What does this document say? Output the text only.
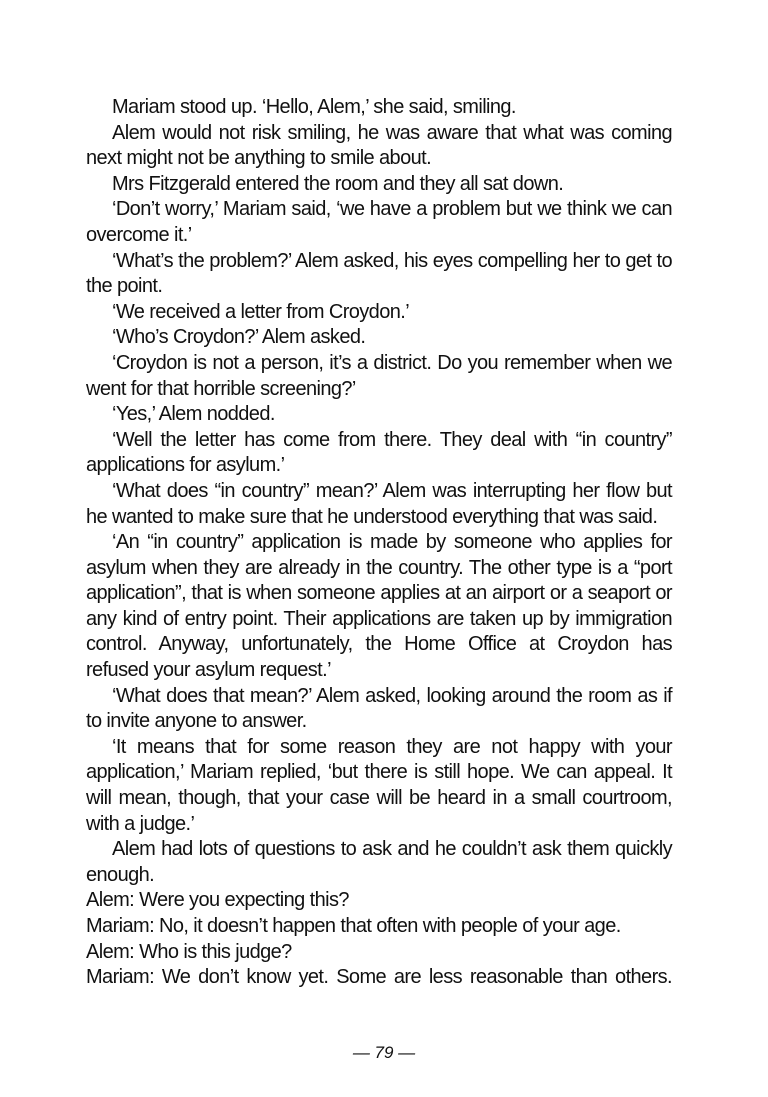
Mariam stood up. ‘Hello, Alem,’ she said, smiling.

Alem would not risk smiling, he was aware that what was coming next might not be anything to smile about.

Mrs Fitzgerald entered the room and they all sat down.

‘Don’t worry,’ Mariam said, ‘we have a problem but we think we can overcome it.’

‘What’s the problem?’ Alem asked, his eyes compelling her to get to the point.

‘We received a letter from Croydon.’

‘Who’s Croydon?’ Alem asked.

‘Croydon is not a person, it’s a district. Do you remember when we went for that horrible screening?’

‘Yes,’ Alem nodded.

‘Well the letter has come from there. They deal with “in country” applications for asylum.’

‘What does “in country” mean?’ Alem was interrupting her flow but he wanted to make sure that he understood everything that was said.

‘An “in country” application is made by someone who applies for asylum when they are already in the country. The other type is a “port application”, that is when someone applies at an airport or a seaport or any kind of entry point. Their applications are taken up by immigration control. Anyway, unfortunately, the Home Office at Croydon has refused your asylum request.’

‘What does that mean?’ Alem asked, looking around the room as if to invite anyone to answer.

‘It means that for some reason they are not happy with your application,’ Mariam replied, ‘but there is still hope. We can appeal. It will mean, though, that your case will be heard in a small courtroom, with a judge.’

Alem had lots of questions to ask and he couldn’t ask them quickly enough.

Alem: Were you expecting this?

Mariam: No, it doesn’t happen that often with people of your age.

Alem: Who is this judge?

Mariam: We don’t know yet. Some are less reasonable than others.

— 79 —
